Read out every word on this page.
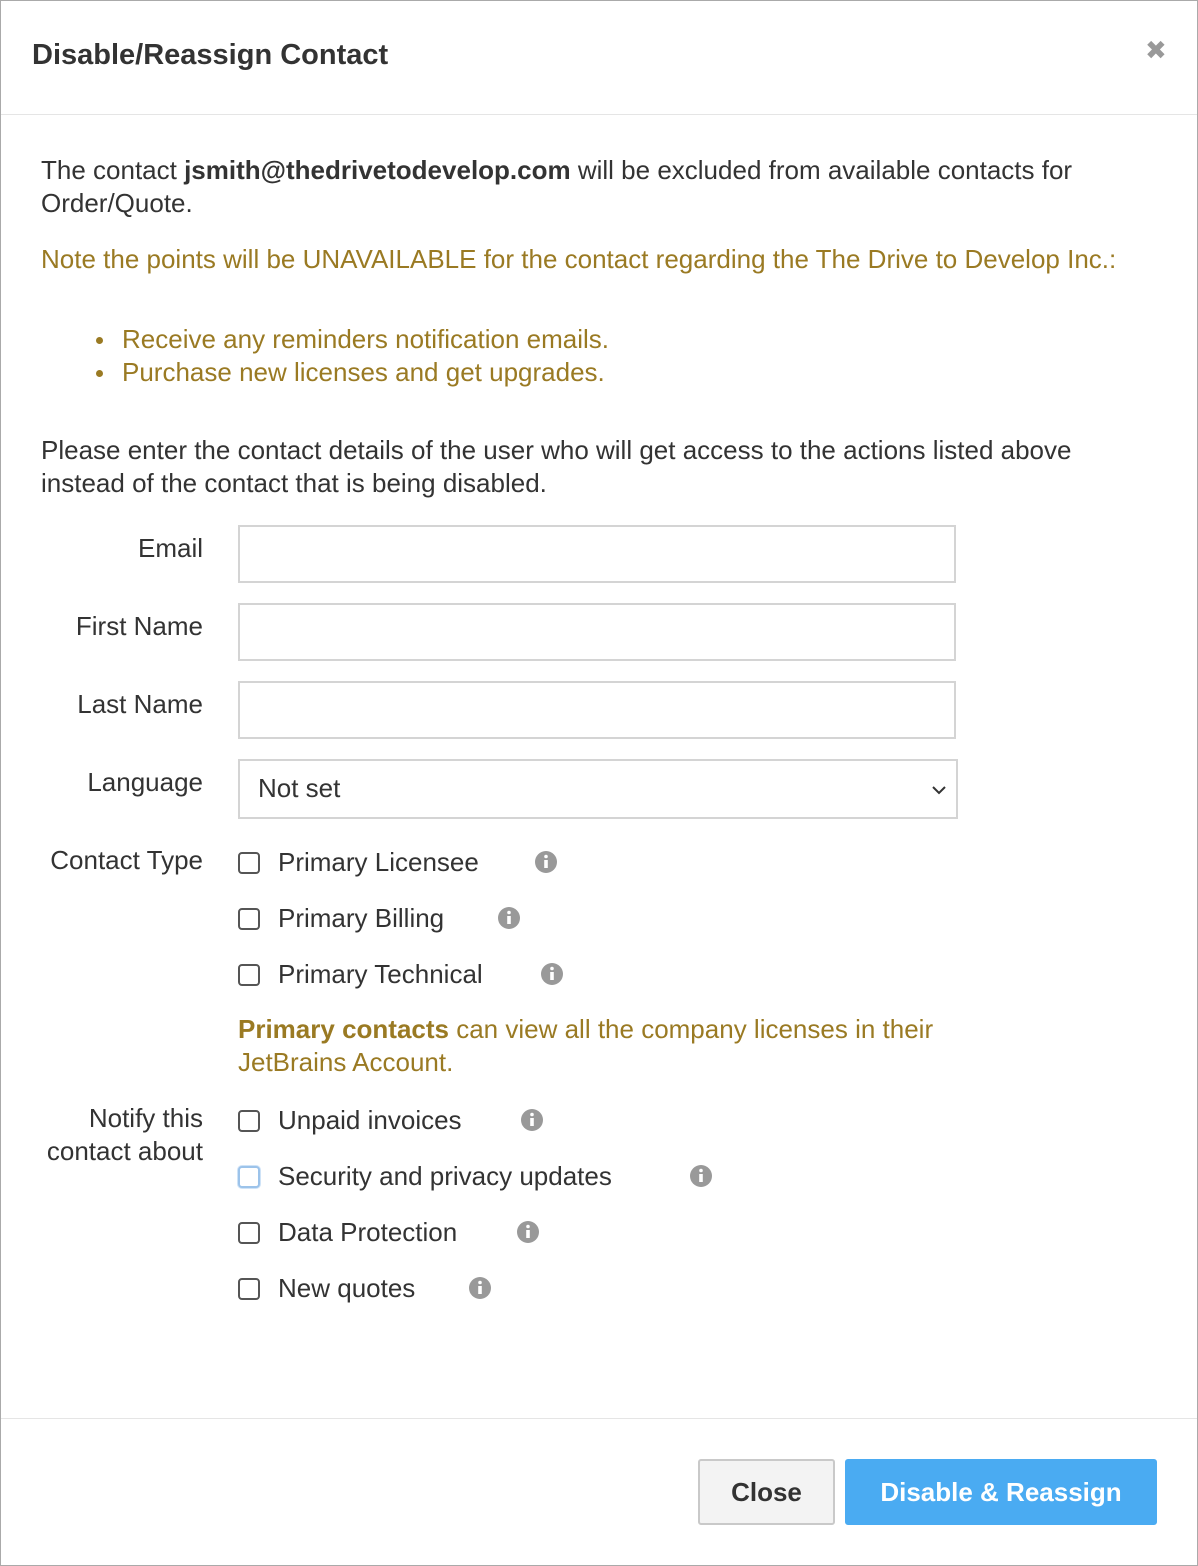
Disable/Reassign Contact	✖
The contact jsmith@thedrivetodevelop.com will be excluded from available contacts for Order/Quote.
Note the points will be UNAVAILABLE for the contact regarding the The Drive to Develop Inc.:
Receive any reminders notification emails.
Purchase new licenses and get upgrades.
Please enter the contact details of the user who will get access to the actions listed above instead of the contact that is being disabled.
Email
First Name
Last Name
Language Not set
Contact Type	Primary Licensee
Primary Billing
Primary Technical
Primary contacts can view all the company licenses in their JetBrains Account.
Notify this
contact about
Unpaid invoices
Security and privacy updates
Data Protection
New quotes
Close	Disable & Reassign
